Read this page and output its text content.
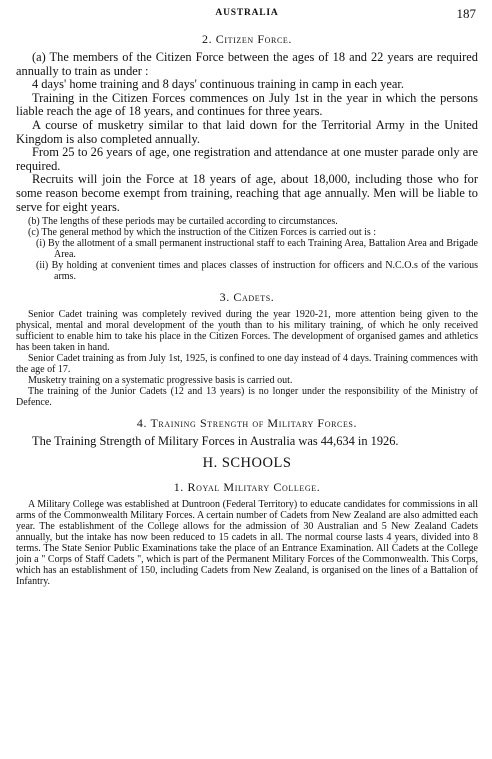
AUSTRALIA	187
2. Citizen Force.

(a) The members of the Citizen Force between the ages of 18 and 22 years are required annually to train as under :

4 days' home training and 8 days' continuous training in camp in each year.

Training in the Citizen Forces commences on July 1st in the year in which the persons liable reach the age of 18 years, and continues for three years.

A course of musketry similar to that laid down for the Territorial Army in the United Kingdom is also completed annually.

From 25 to 26 years of age, one registration and attendance at one muster parade only are required.

Recruits will join the Force at 18 years of age, about 18,000, including those who for some reason become exempt from training, reaching that age annually. Men will be liable to serve for eight years.

(b) The lengths of these periods may be curtailed according to circumstances.

(c) The general method by which the instruction of the Citizen Forces is carried out is :

(i) By the allotment of a small permanent instructional staff to each Training Area, Battalion Area and Brigade Area.

(ii) By holding at convenient times and places classes of instruction for officers and N.C.O.s of the various arms.

3. Cadets.

Senior Cadet training was completely revived during the year 1920-21, more attention being given to the physical, mental and moral development of the youth than to his military training, of which he only received sufficient to enable him to take his place in the Citizen Forces. The development of organised games and athletics has been taken in hand.

Senior Cadet training as from July 1st, 1925, is confined to one day instead of 4 days. Training commences with the age of 17.

Musketry training on a systematic progressive basis is carried out.

The training of the Junior Cadets (12 and 13 years) is no longer under the responsibility of the Ministry of Defence.

4. Training Strength of Military Forces.

The Training Strength of Military Forces in Australia was 44,634 in 1926.

H. SCHOOLS
1. Royal Military College.

A Military College was established at Duntroon (Federal Territory) to educate candidates for commissions in all arms of the Commonwealth Military Forces. A certain number of Cadets from New Zealand are also admitted each year. The establishment of the College allows for the admission of 30 Australian and 5 New Zealand Cadets annually, but the intake has now been reduced to 15 cadets in all. The normal course lasts 4 years, divided into 8 terms. The State Senior Public Examinations take the place of an Entrance Examination. All Cadets at the College join a " Corps of Staff Cadets ", which is part of the Permanent Military Forces of the Commonwealth. This Corps, which has an establishment of 150, including Cadets from New Zealand, is organised on the lines of a Battalion of Infantry.
